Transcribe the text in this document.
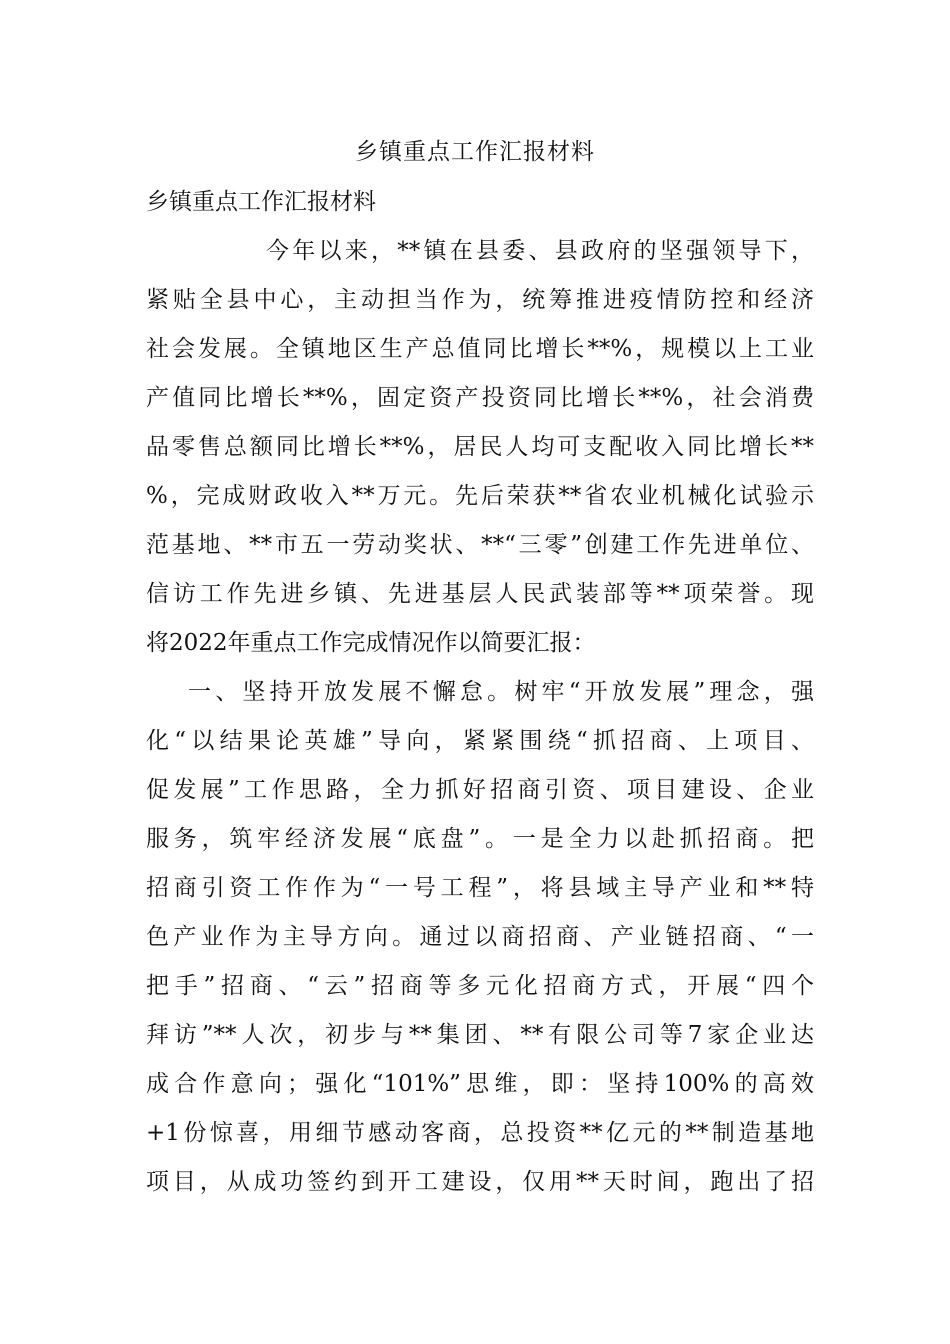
乡镇重点工作汇报材料
乡镇重点工作汇报材料
今年以来，**镇在县委、县政府的坚强领导下，
紧贴全县中心，主动担当作为，统筹推进疫情防控和经济
社会发展。全镇地区生产总值同比增长**%，规模以上工业
产值同比增长**%，固定资产投资同比增长**%，社会消费
品零售总额同比增长**%，居民人均可支配收入同比增长**
%，完成财政收入**万元。先后荣获**省农业机械化试验示
范基地、**市五一劳动奖状、**“三零”创建工作先进单位、
信访工作先进乡镇、先进基层人民武装部等**项荣誉。现
将2022年重点工作完成情况作以简要汇报：
一、坚持开放发展不懈怠。树牢“开放发展”理念，强
化“以结果论英雄”导向，紧紧围绕“抓招商、上项目、
促发展”工作思路，全力抓好招商引资、项目建设、企业
服务，筑牢经济发展“底盘”。一是全力以赴抓招商。把
招商引资工作作为“一号工程”，将县域主导产业和**特
色产业作为主导方向。通过以商招商、产业链招商、“一
把手”招商、“云”招商等多元化招商方式，开展“四个
拜访”**人次，初步与**集团、**有限公司等7家企业达
成合作意向；强化“101%”思维，即：坚持100%的高效
+1份惊喜，用细节感动客商，总投资**亿元的**制造基地
项目，从成功签约到开工建设，仅用**天时间，跑出了招
